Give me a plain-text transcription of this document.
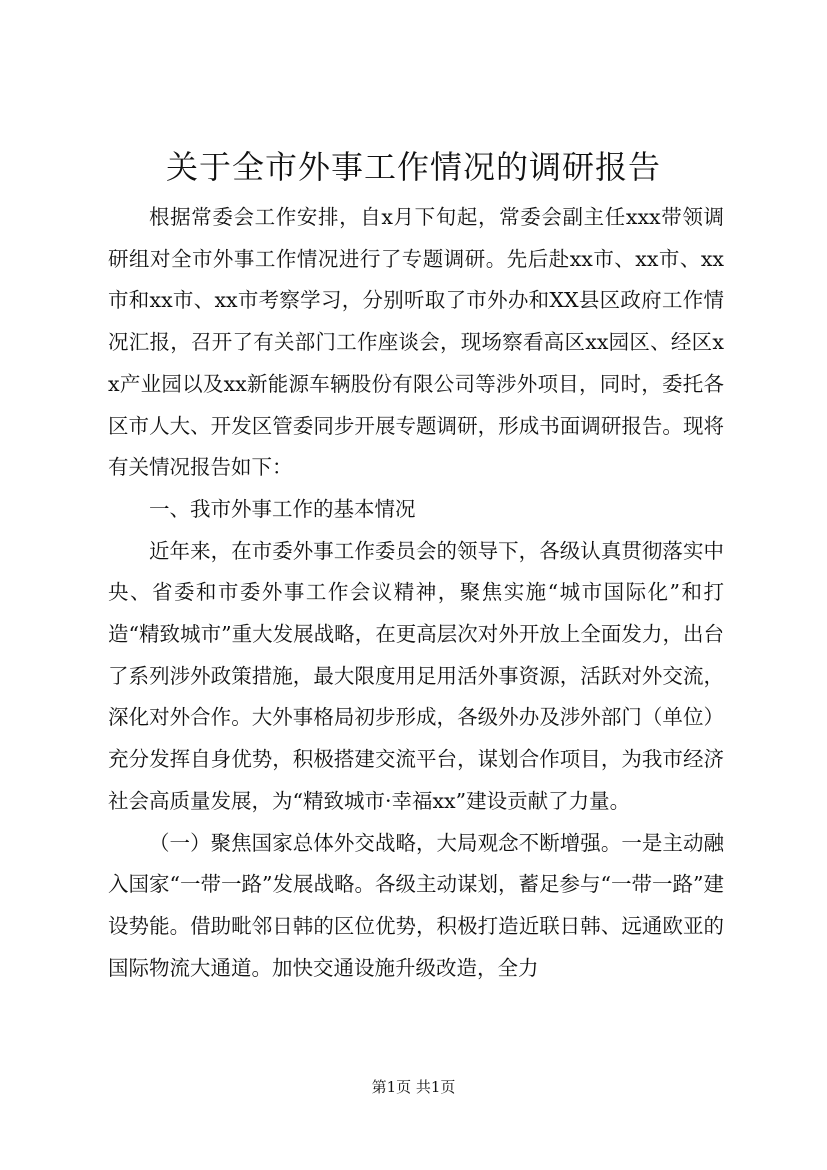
关于全市外事工作情况的调研报告

根据常委会工作安排，自x月下旬起，常委会副主任xxx带领调研组对全市外事工作情况进行了专题调研。先后赴xx市、xx市、xx市和xx市、xx市考察学习，分别听取了市外办和XX县区政府工作情况汇报，召开了有关部门工作座谈会，现场察看高区xx园区、经区xx产业园以及xx新能源车辆股份有限公司等涉外项目，同时，委托各区市人大、开发区管委同步开展专题调研，形成书面调研报告。现将有关情况报告如下：

一、我市外事工作的基本情况

近年来，在市委外事工作委员会的领导下，各级认真贯彻落实中央、省委和市委外事工作会议精神，聚焦实施“城市国际化”和打造“精致城市”重大发展战略，在更高层次对外开放上全面发力，出台了系列涉外政策措施，最大限度用足用活外事资源，活跃对外交流，深化对外合作。大外事格局初步形成，各级外办及涉外部门（单位）充分发挥自身优势，积极搭建交流平台，谋划合作项目，为我市经济社会高质量发展，为“精致城市·幸福xx”建设贡献了力量。

（一）聚焦国家总体外交战略，大局观念不断增强。一是主动融入国家“一带一路”发展战略。各级主动谋划，蓄足参与“一带一路”建设势能。借助毗邻日韩的区位优势，积极打造近联日韩、远通欧亚的国际物流大通道。加快交通设施升级改造，全力

第1页 共1页
